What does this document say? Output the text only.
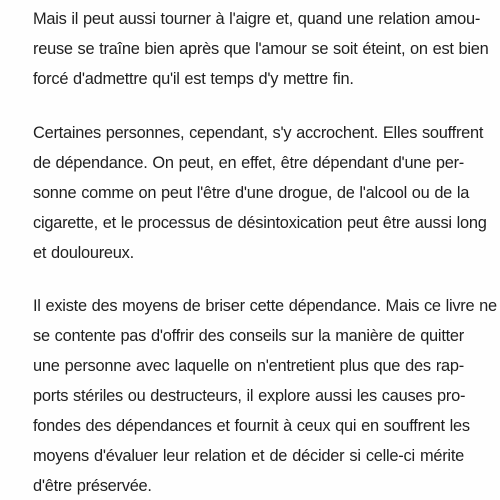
Mais il peut aussi tourner à l'aigre et, quand une relation amou-
reuse se traîne bien après que l'amour se soit éteint, on est bien
forcé d'admettre qu'il est temps d'y mettre fin.
Certaines personnes, cependant, s'y accrochent. Elles souffrent
de dépendance. On peut, en effet, être dépendant d'une per-
sonne comme on peut l'être d'une drogue, de l'alcool ou de la
cigarette, et le processus de désintoxication peut être aussi long
et douloureux.
Il existe des moyens de briser cette dépendance. Mais ce livre ne
se contente pas d'offrir des conseils sur la manière de quitter
une personne avec laquelle on n'entretient plus que des rap-
ports stériles ou destructeurs, il explore aussi les causes pro-
fondes des dépendances et fournit à ceux qui en souffrent les
moyens d'évaluer leur relation et de décider si celle-ci mérite
d'être préservée.
